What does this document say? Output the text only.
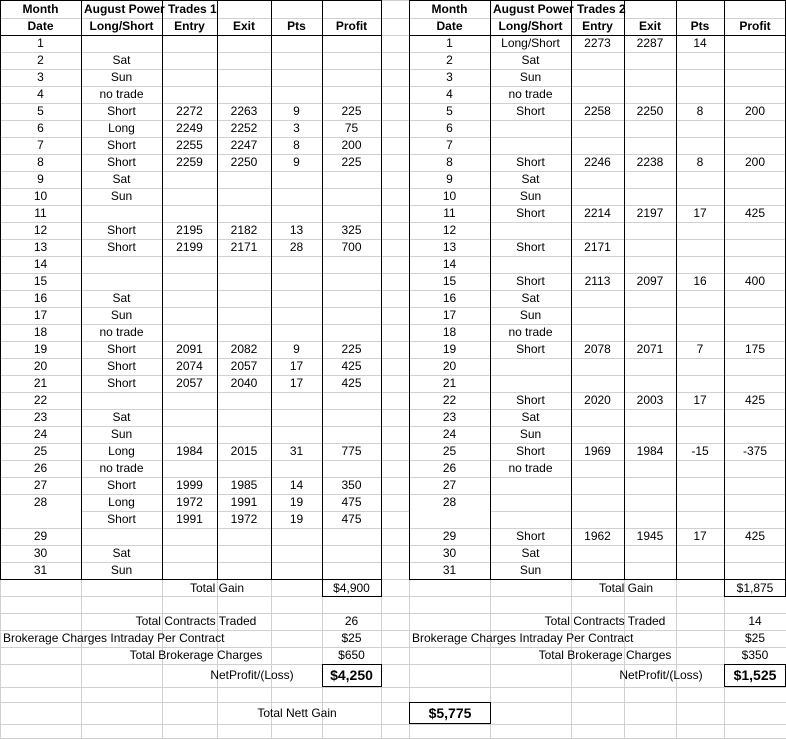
Month	August Power Trades 1
Date	Long/Short	Entry	Exit	Pts	Profit
1
2	Sat
3	Sun
4	no trade
5	Short	2272	2263	9	225
6	Long	2249	2252	3	75
7	Short	2255	2247	8	200
8	Short	2259	2250	9	225
9	Sat
10	Sun
11
12	Short	2195	2182	13	325
13	Short	2199	2171	28	700
14
15
16	Sat
17	Sun
18	no trade
19	Short	2091	2082	9	225
20	Short	2074	2057	17	425
21	Short	2057	2040	17	425
22
23	Sat
24	Sun
25	Long	1984	2015	31	775
26	no trade
27	Short	1999	1985	14	350
28	Long	1972	1991	19	475
Short	1991	1972	19	475
29
30	Sat
31	Sun
Month	August Power Trades 2
Date	Long/Short	Entry	Exit	Pts	Profit
1	Long/Short	2273	2287	14
2	Sat
3	Sun
4	no trade
5	Short	2258	2250	8	200
6
7
8	Short	2246	2238	8	200
9	Sat
10	Sun
11	Short	2214	2197	17	425
12
13	Short	2171
14
15	Short	2113	2097	16	400
16	Sat
17	Sun
18	no trade
19	Short	2078	2071	7	175
20
21
22	Short	2020	2003	17	425
23	Sat
24	Sun
25	Short	1969	1984	-15	-375
26	no trade
27
28
29	Short	1962	1945	17	425
30	Sat
31	Sun
Total Gain	$4,900
Total Contracts Traded	26
Brokerage Charges Intraday Per Contract	$25
Total Brokerage Charges	$650
NetProfit/(Loss)	$4,250
Total Gain	$1,875
Total Contracts Traded	14
Brokerage Charges Intraday Per Contract	$25
Total Brokerage Charges	$350
NetProfit/(Loss)	$1,525
Total Nett Gain	$5,775
